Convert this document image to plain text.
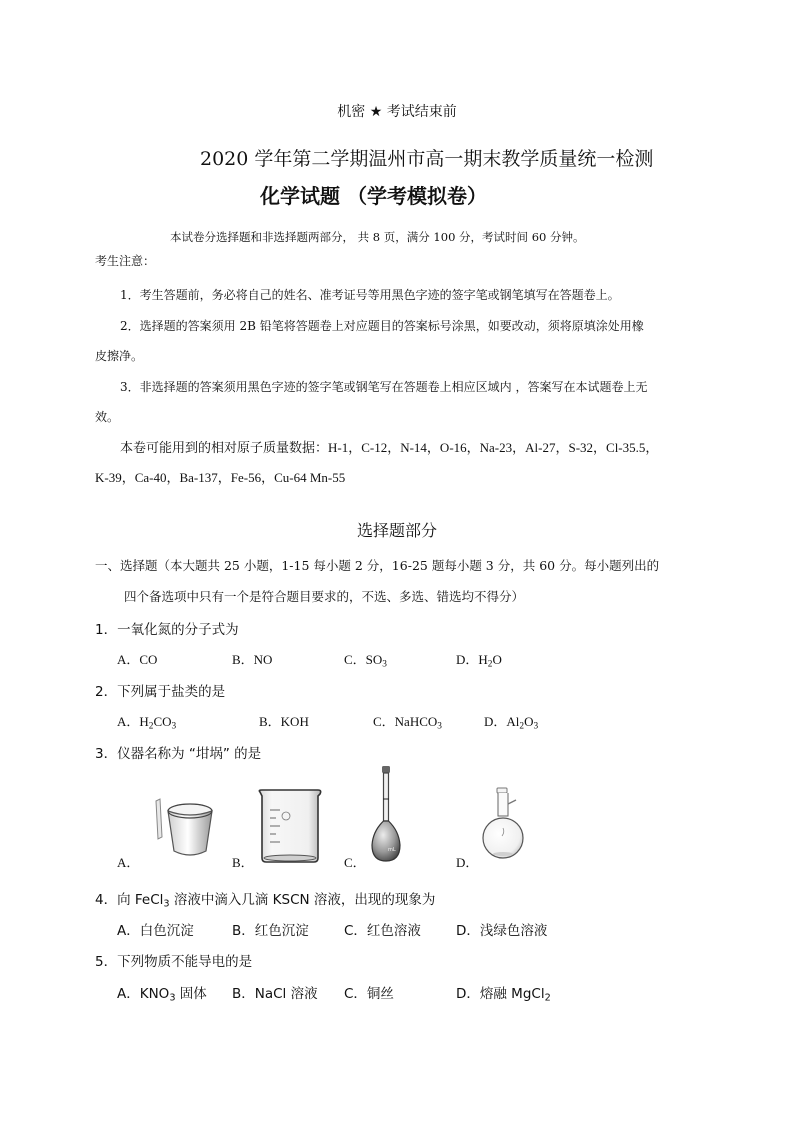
机密 ★ 考试结束前
2020 学年第二学期温州市高一期末教学质量统一检测
化学试题 （学考模拟卷）
本试卷分选择题和非选择题两部分， 共 8 页，满分 100 分，考试时间 60 分钟。
考生注意：
1．考生答题前，务必将自己的姓名、准考证号等用黑色字迹的签字笔或钢笔填写在答题卷上。
2．选择题的答案须用 2B 铅笔将答题卷上对应题目的答案标号涂黑，如要改动，须将原填涂处用橡
皮擦净。
3．非选择题的答案须用黑色字迹的签字笔或钢笔写在答题卷上相应区域内 ，答案写在本试题卷上无
效。
本卷可能用到的相对原子质量数据：H-1，C-12，N-14，O-16，Na-23，Al-27，S-32，Cl-35.5，
K-39，Ca-40，Ba-137，Fe-56，Cu-64 Mn-55
选择题部分
一、选择题（本大题共 25 小题，1-15 每小题 2 分，16-25 题每小题 3 分，共 60 分。每小题列出的
四个备选项中只有一个是符合题目要求的，不选、多选、错选均不得分）
1．一氧化氮的分子式为
A．CO	B．NO	C．$SO_3$	D．$H_2O$
2．下列属于盐类的是
A．$H_2CO_3$	B．KOH	C．NaHCO$_3$	D．$Al_2O_3$
3．仪器名称为 “坩埚” 的是
A．	B．	C．	D．
mL
4．向 FeCl$_3$ 溶液中滴入几滴 KSCN 溶液，出现的现象为
A．白色沉淀	B．红色沉淀	C．红色溶液	D．浅绿色溶液
5．下列物质不能导电的是
A．$KNO_3$ 固体 B．NaCl 溶液 C．铜丝	D．熔融 MgCl$_2$
